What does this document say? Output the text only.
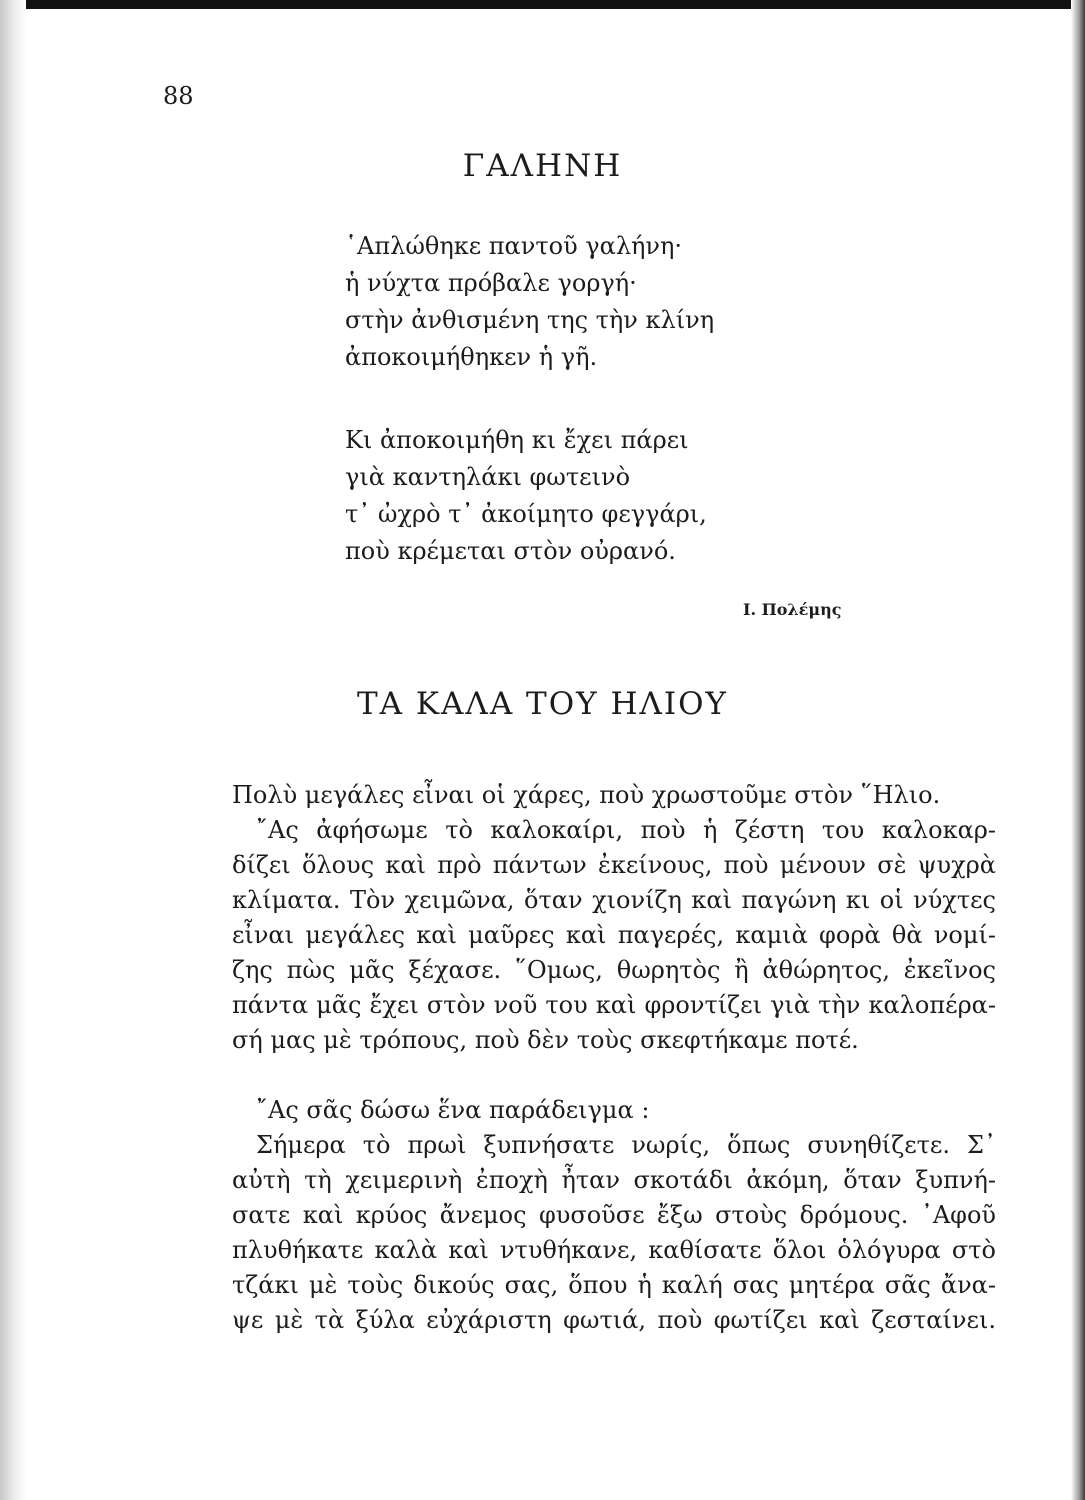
88
ΓΑΛΗΝΗ
῾Απλώθηκε παντοῦ γαλήνη·
ἡ νύχτα πρόβαλε γοργή·
στὴν ἀνθισμένη της τὴν κλίνη
ἀποκοιμήθηκεν ἡ γῆ.
Κι ἀποκοιμήθη κι ἔχει πάρει
γιὰ καντηλάκι φωτεινὸ
τ᾽ ὠχρὸ τ᾽ ἀκοίμητο φεγγάρι,
ποὺ κρέμεται στὸν οὐρανό.
Ι. Πολέμης
ΤΑ ΚΑΛΑ ΤΟΥ ΗΛΙΟΥ
Πολὺ μεγάλες εἶναι οἱ χάρες, ποὺ χρωστοῦμε στὸν ῞Ηλιο.
῎Ας ἀφήσωμε τὸ καλοκαίρι, ποὺ ἡ ζέστη του καλοκαρ-
δίζει ὅλους καὶ πρὸ πάντων ἐκείνους, ποὺ μένουν σὲ ψυχρὰ
κλίματα. Τὸν χειμῶνα, ὅταν χιονίζη καὶ παγώνη κι οἱ νύχτες
εἶναι μεγάλες καὶ μαῦρες καὶ παγερές, καμιὰ φορὰ θὰ νομί-
ζης πὼς μᾶς ξέχασε. ῞Ομως, θωρητὸς ἢ ἀθώρητος, ἐκεῖνος
πάντα μᾶς ἔχει στὸν νοῦ του καὶ φροντίζει γιὰ τὴν καλοπέρα-
σή μας μὲ τρόπους, ποὺ δὲν τοὺς σκεφτήκαμε ποτέ.
῎Ας σᾶς δώσω ἕνα παράδειγμα :
Σήμερα τὸ πρωὶ ξυπνήσατε νωρίς, ὅπως συνηθίζετε. Σ᾽
αὐτὴ τὴ χειμερινὴ ἐποχὴ ἦταν σκοτάδι ἀκόμη, ὅταν ξυπνή-
σατε καὶ κρύος ἄνεμος φυσοῦσε ἔξω στοὺς δρόμους. ᾿Αφοῦ
πλυθήκατε καλὰ καὶ ντυθήκανε, καθίσατε ὅλοι ὁλόγυρα στὸ
τζάκι μὲ τοὺς δικούς σας, ὅπου ἡ καλή σας μητέρα σᾶς ἄνα-
ψε μὲ τὰ ξύλα εὐχάριστη φωτιά, ποὺ φωτίζει καὶ ζεσταίνει.
